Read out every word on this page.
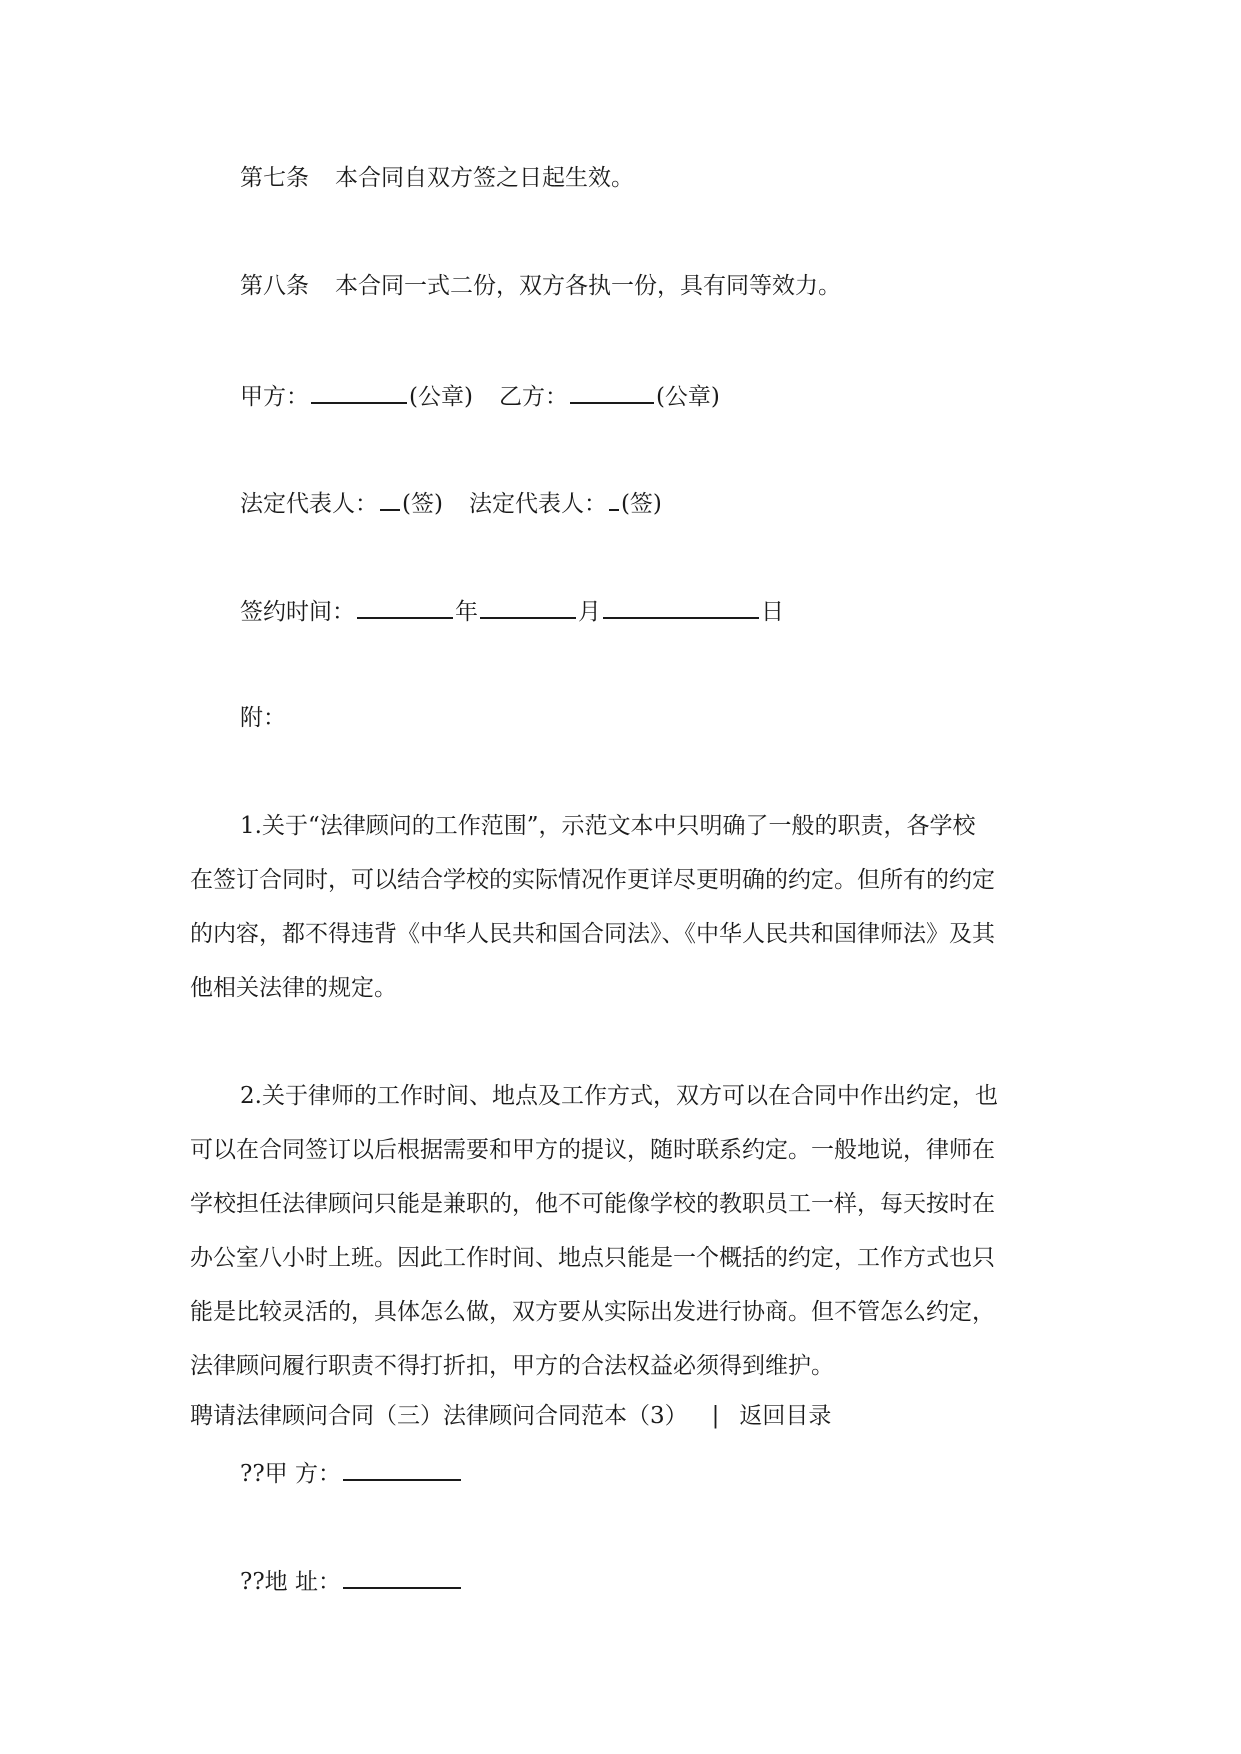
第七条 本合同自双方签之日起生效。
第八条 本合同一式二份，双方各执一份，具有同等效力。
甲方：	(公章) 乙方：	(公章)
法定代表人： (签) 法定代表人： (签)
签约时间：	年	月	日
附：
1.关于“法律顾问的工作范围”，示范文本中只明确了一般的职责，各学校
在签订合同时，可以结合学校的实际情况作更详尽更明确的约定。但所有的约定
的内容，都不得违背《中华人民共和国合同法》、《中华人民共和国律师法》及其
他相关法律的规定。
2.关于律师的工作时间、地点及工作方式，双方可以在合同中作出约定，也
可以在合同签订以后根据需要和甲方的提议，随时联系约定。一般地说，律师在
学校担任法律顾问只能是兼职的，他不可能像学校的教职员工一样，每天按时在
办公室八小时上班。因此工作时间、地点只能是一个概括的约定，工作方式也只
能是比较灵活的，具体怎么做，双方要从实际出发进行协商。但不管怎么约定，
法律顾问履行职责不得打折扣，甲方的合法权益必须得到维护。
聘请法律顾问合同（三）法律顾问合同范本（3） | 返回目录
??甲 方：
??地 址：
